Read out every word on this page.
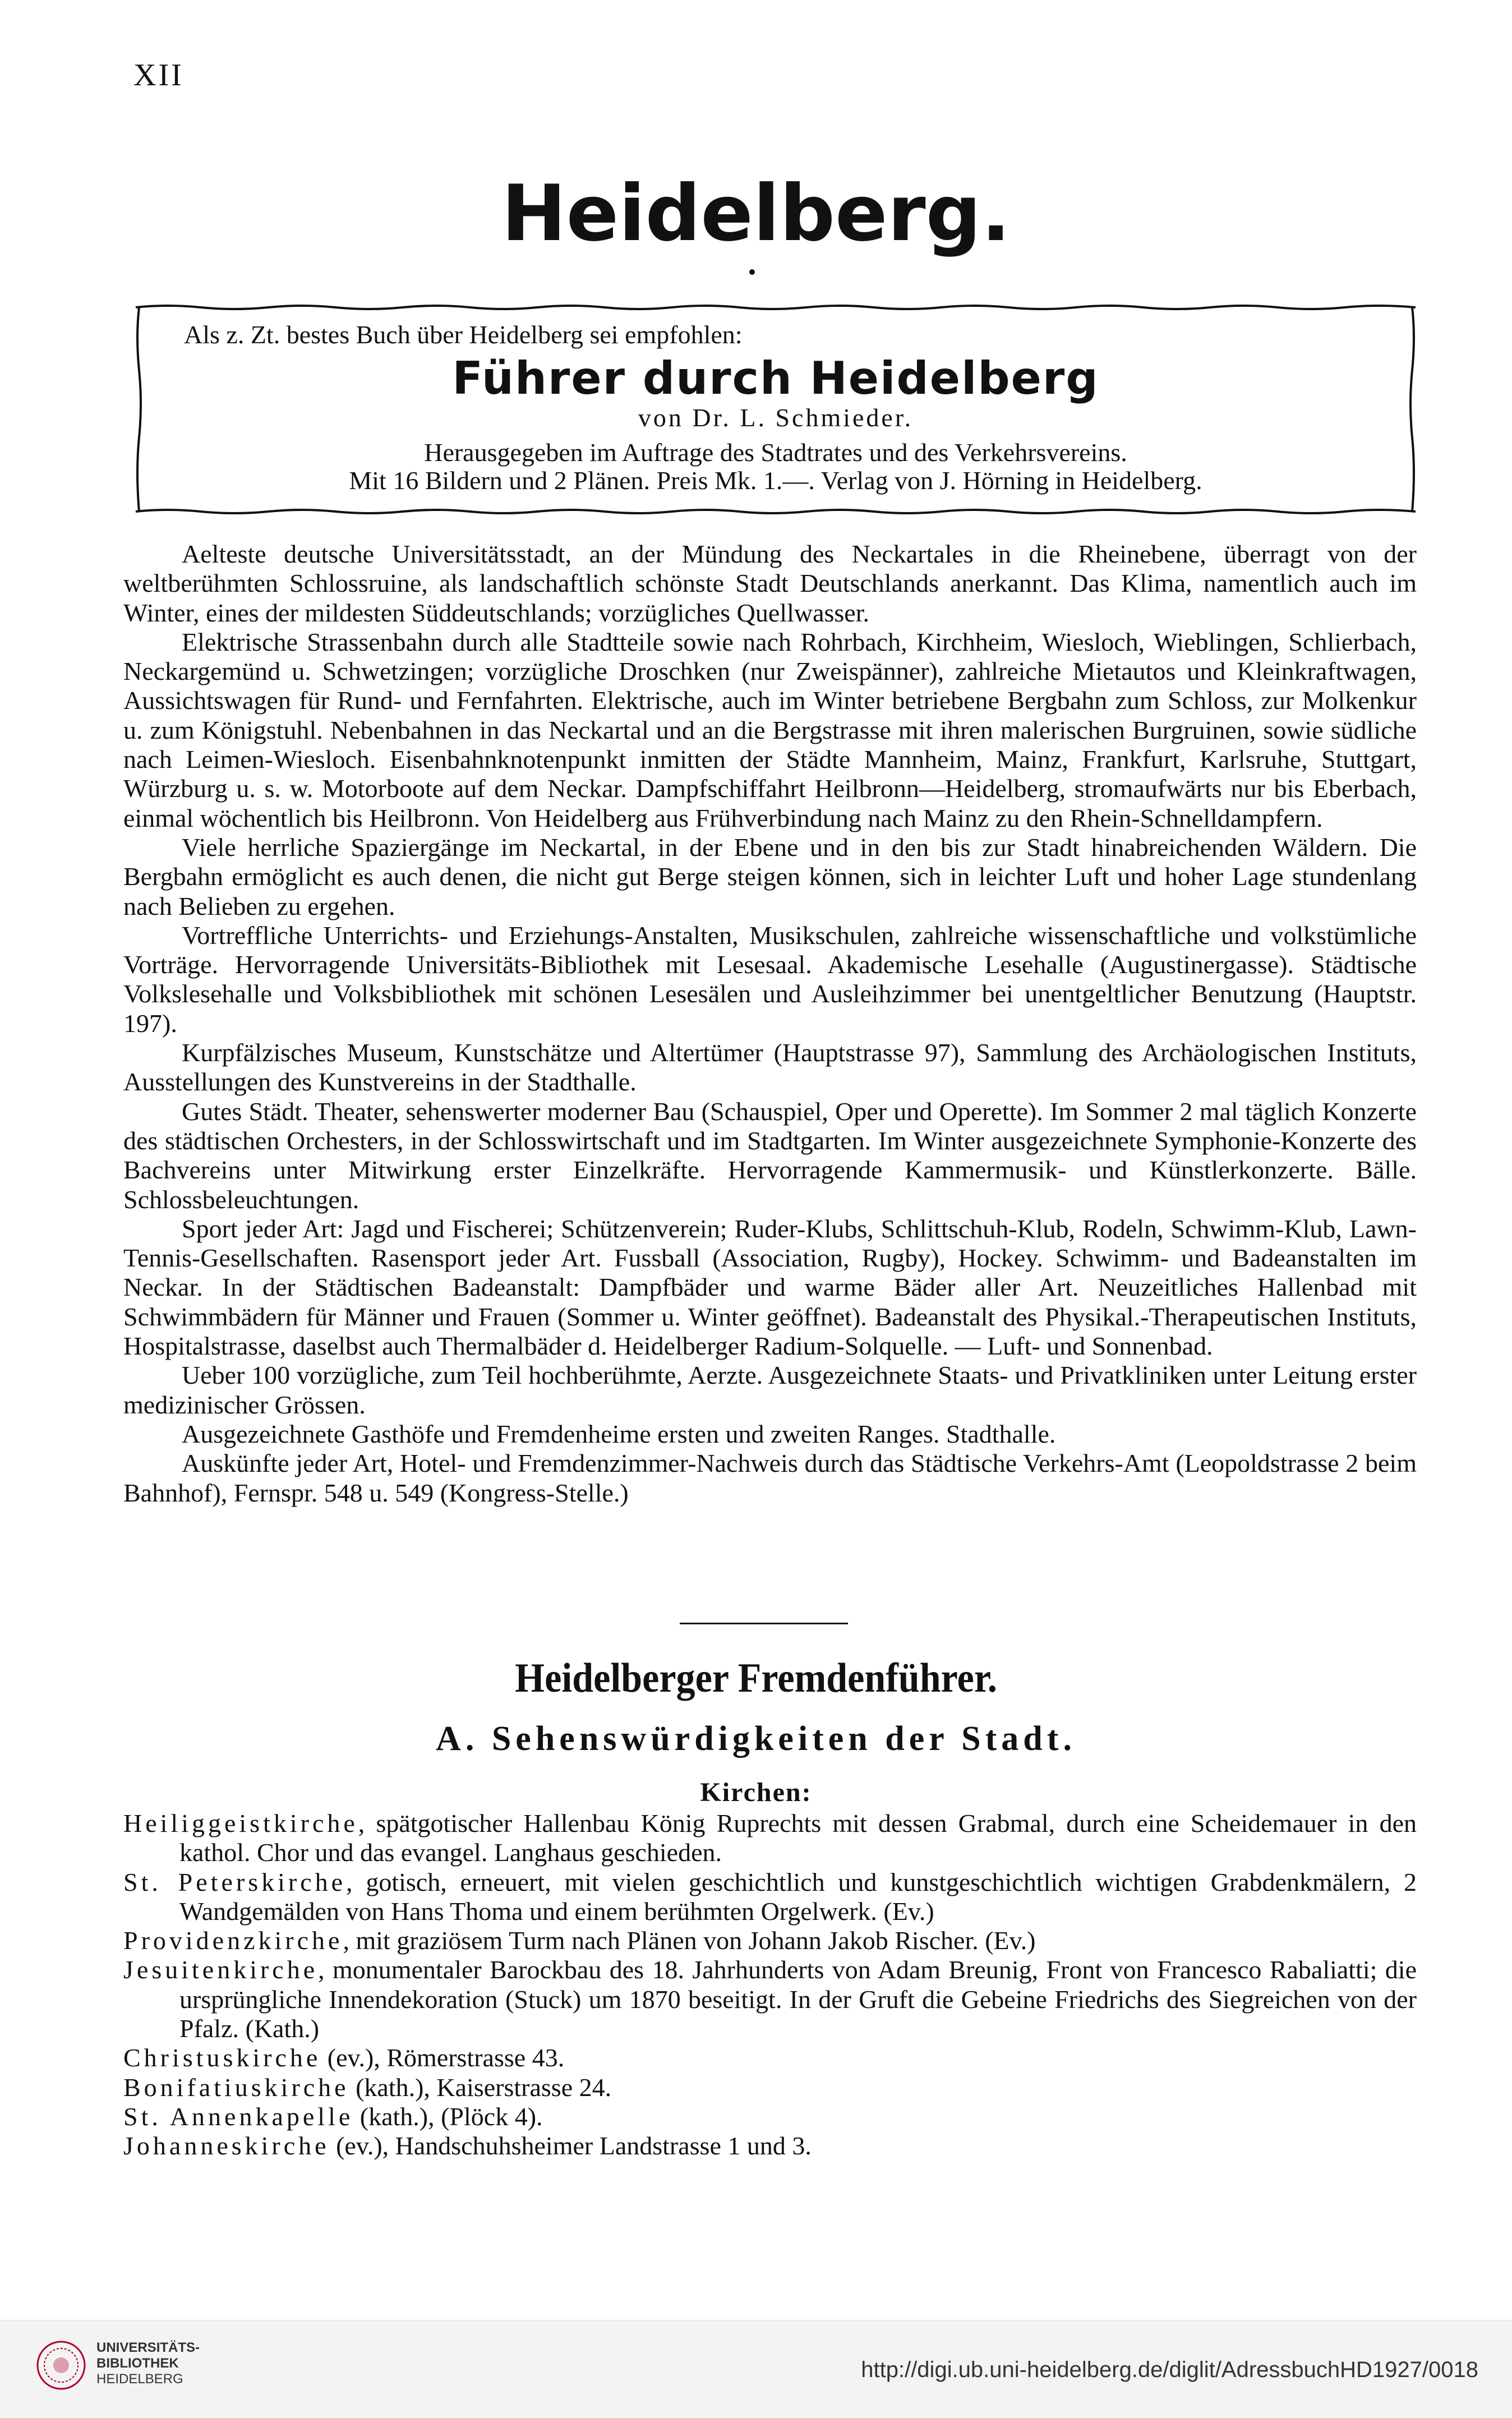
XII
Heidelberg.
Als z. Zt. bestes Buch über Heidelberg sei empfohlen:
Führer durch Heidelberg
von Dr. L. Schmieder.
Herausgegeben im Auftrage des Stadtrates und des Verkehrsvereins.
Mit 16 Bildern und 2 Plänen. Preis Mk. 1.—. Verlag von J. Hörning in Heidelberg.

Aelteste deutsche Universitätsstadt, an der Mündung des Neckartales in die Rheinebene, überragt von der weltberühmten Schlossruine, als landschaftlich schönste Stadt Deutschlands anerkannt. Das Klima, namentlich auch im Winter, eines der mildesten Süddeutschlands; vorzügliches Quellwasser.

Elektrische Strassenbahn durch alle Stadtteile sowie nach Rohrbach, Kirchheim, Wiesloch, Wieblingen, Schlierbach, Neckargemünd u. Schwetzingen; vorzügliche Droschken (nur Zweispänner), zahlreiche Mietautos und Kleinkraftwagen, Aussichtswagen für Rund- und Fernfahrten. Elektrische, auch im Winter betriebene Bergbahn zum Schloss, zur Molkenkur u. zum Königstuhl. Nebenbahnen in das Neckartal und an die Bergstrasse mit ihren malerischen Burgruinen, sowie südliche nach Leimen-Wiesloch. Eisenbahnknotenpunkt inmitten der Städte Mannheim, Mainz, Frankfurt, Karlsruhe, Stuttgart, Würzburg u. s. w. Motorboote auf dem Neckar. Dampfschiffahrt Heilbronn—Heidelberg, stromaufwärts nur bis Eberbach, einmal wöchentlich bis Heilbronn. Von Heidelberg aus Frühverbindung nach Mainz zu den Rhein-Schnelldampfern.

Viele herrliche Spaziergänge im Neckartal, in der Ebene und in den bis zur Stadt hinabreichenden Wäldern. Die Bergbahn ermöglicht es auch denen, die nicht gut Berge steigen können, sich in leichter Luft und hoher Lage stundenlang nach Belieben zu ergehen.

Vortreffliche Unterrichts- und Erziehungs-Anstalten, Musikschulen, zahlreiche wissenschaftliche und volkstümliche Vorträge. Hervorragende Universitäts-Bibliothek mit Lesesaal. Akademische Lesehalle (Augustinergasse). Städtische Volkslesehalle und Volksbibliothek mit schönen Lesesälen und Ausleihzimmer bei unentgeltlicher Benutzung (Hauptstr. 197).

Kurpfälzisches Museum, Kunstschätze und Altertümer (Hauptstrasse 97), Sammlung des Archäologischen Instituts, Ausstellungen des Kunstvereins in der Stadthalle.

Gutes Städt. Theater, sehenswerter moderner Bau (Schauspiel, Oper und Operette). Im Sommer 2 mal täglich Konzerte des städtischen Orchesters, in der Schlosswirtschaft und im Stadtgarten. Im Winter ausgezeichnete Symphonie-Konzerte des Bachvereins unter Mitwirkung erster Einzelkräfte. Hervorragende Kammermusik- und Künstlerkonzerte. Bälle. Schlossbeleuchtungen.

Sport jeder Art: Jagd und Fischerei; Schützenverein; Ruder-Klubs, Schlittschuh-Klub, Rodeln, Schwimm-Klub, Lawn-Tennis-Gesellschaften. Rasensport jeder Art. Fussball (Association, Rugby), Hockey. Schwimm- und Badeanstalten im Neckar. In der Städtischen Badeanstalt: Dampfbäder und warme Bäder aller Art. Neuzeitliches Hallenbad mit Schwimmbädern für Männer und Frauen (Sommer u. Winter geöffnet). Badeanstalt des Physikal.-Therapeutischen Instituts, Hospitalstrasse, daselbst auch Thermalbäder d. Heidelberger Radium-Solquelle. — Luft- und Sonnenbad.

Ueber 100 vorzügliche, zum Teil hochberühmte, Aerzte. Ausgezeichnete Staats- und Privatkliniken unter Leitung erster medizinischer Grössen.

Ausgezeichnete Gasthöfe und Fremdenheime ersten und zweiten Ranges. Stadthalle.

Auskünfte jeder Art, Hotel- und Fremdenzimmer-Nachweis durch das Städtische Verkehrs-Amt (Leopoldstrasse 2 beim Bahnhof), Fernspr. 548 u. 549 (Kongress-Stelle.)

Heidelberger Fremdenführer.
A. Sehenswürdigkeiten der Stadt.
Kirchen:

Heiliggeistkirche, spätgotischer Hallenbau König Ruprechts mit dessen Grabmal, durch eine Scheidemauer in den kathol. Chor und das evangel. Langhaus geschieden.

St. Peterskirche, gotisch, erneuert, mit vielen geschichtlich und kunstgeschichtlich wichtigen Grabdenkmälern, 2 Wandgemälden von Hans Thoma und einem berühmten Orgelwerk. (Ev.)

Providenzkirche, mit graziösem Turm nach Plänen von Johann Jakob Rischer. (Ev.)

Jesuitenkirche, monumentaler Barockbau des 18. Jahrhunderts von Adam Breunig, Front von Francesco Rabaliatti; die ursprüngliche Innendekoration (Stuck) um 1870 beseitigt. In der Gruft die Gebeine Friedrichs des Siegreichen von der Pfalz. (Kath.)

Christuskirche (ev.), Römerstrasse 43.

Bonifatiuskirche (kath.), Kaiserstrasse 24.

St. Annenkapelle (kath.), (Plöck 4).

Johanneskirche (ev.), Handschuhsheimer Landstrasse 1 und 3.

UNIVERSITÄTS-
BIBLIOTHEK
HEIDELBERG	http://digi.ub.uni-heidelberg.de/diglit/AdressbuchHD1927/0018
